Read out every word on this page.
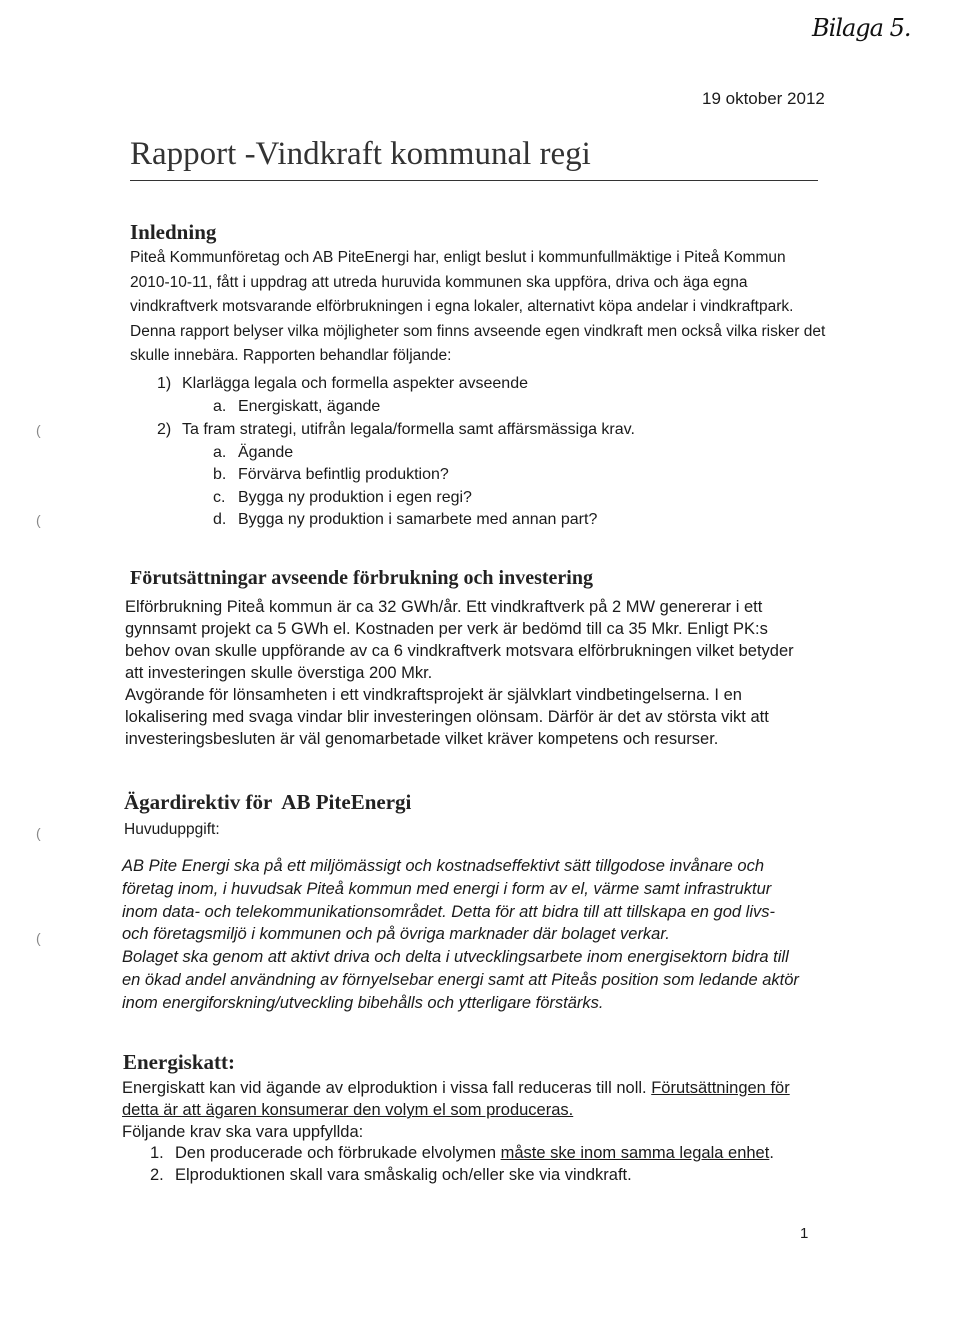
Bilaga 5.
19 oktober 2012
Rapport -Vindkraft kommunal regi
Inledning
Piteå Kommunföretag och AB PiteEnergi har, enligt beslut i kommunfullmäktige i Piteå Kommun
2010-10-11, fått i uppdrag att utreda huruvida kommunen ska uppföra, driva och äga egna
vindkraftverk motsvarande elförbrukningen i egna lokaler, alternativt köpa andelar i vindkraftpark.
Denna rapport belyser vilka möjligheter som finns avseende egen vindkraft men också vilka risker det
skulle innebära. Rapporten behandlar följande:
1) Klarlägga legala och formella aspekter avseende
a. Energiskatt, ägande
2) Ta fram strategi, utifrån legala/formella samt affärsmässiga krav.
a. Ägande
b. Förvärva befintlig produktion?
c. Bygga ny produktion i egen regi?
d. Bygga ny produktion i samarbete med annan part?
Förutsättningar avseende förbrukning och investering
Elförbrukning Piteå kommun är ca 32 GWh/år. Ett vindkraftverk på 2 MW genererar i ett
gynnsamt projekt ca 5 GWh el. Kostnaden per verk är bedömd till ca 35 Mkr. Enligt PK:s
behov ovan skulle uppförande av ca 6 vindkraftverk motsvara elförbrukningen vilket betyder
att investeringen skulle överstiga 200 Mkr.
Avgörande för lönsamheten i ett vindkraftsprojekt är självklart vindbetingelserna. I en
lokalisering med svaga vindar blir investeringen olönsam. Därför är det av största vikt att
investeringsbesluten är väl genomarbetade vilket kräver kompetens och resurser.
Ägardirektiv för  AB PiteEnergi
Huvuduppgift:
AB Pite Energi ska på ett miljömässigt och kostnadseffektivt sätt tillgodose invånare och
företag inom, i huvudsak Piteå kommun med energi i form av el, värme samt infrastruktur
inom data- och telekommunikationsområdet. Detta för att bidra till att tillskapa en god livs-
och företagsmiljö i kommunen och på övriga marknader där bolaget verkar.
Bolaget ska genom att aktivt driva och delta i utvecklingsarbete inom energisektorn bidra till
en ökad andel användning av förnyelsebar energi samt att Piteås position som ledande aktör
inom energiforskning/utveckling bibehålls och ytterligare förstärks.
Energiskatt:
Energiskatt kan vid ägande av elproduktion i vissa fall reduceras till noll. Förutsättningen för
detta är att ägaren konsumerar den volym el som produceras.
Följande krav ska vara uppfyllda:
1. Den producerade och förbrukade elvolymen måste ske inom samma legala enhet.
2. Elproduktionen skall vara småskalig och/eller ske via vindkraft.
1
(
(
(
(
